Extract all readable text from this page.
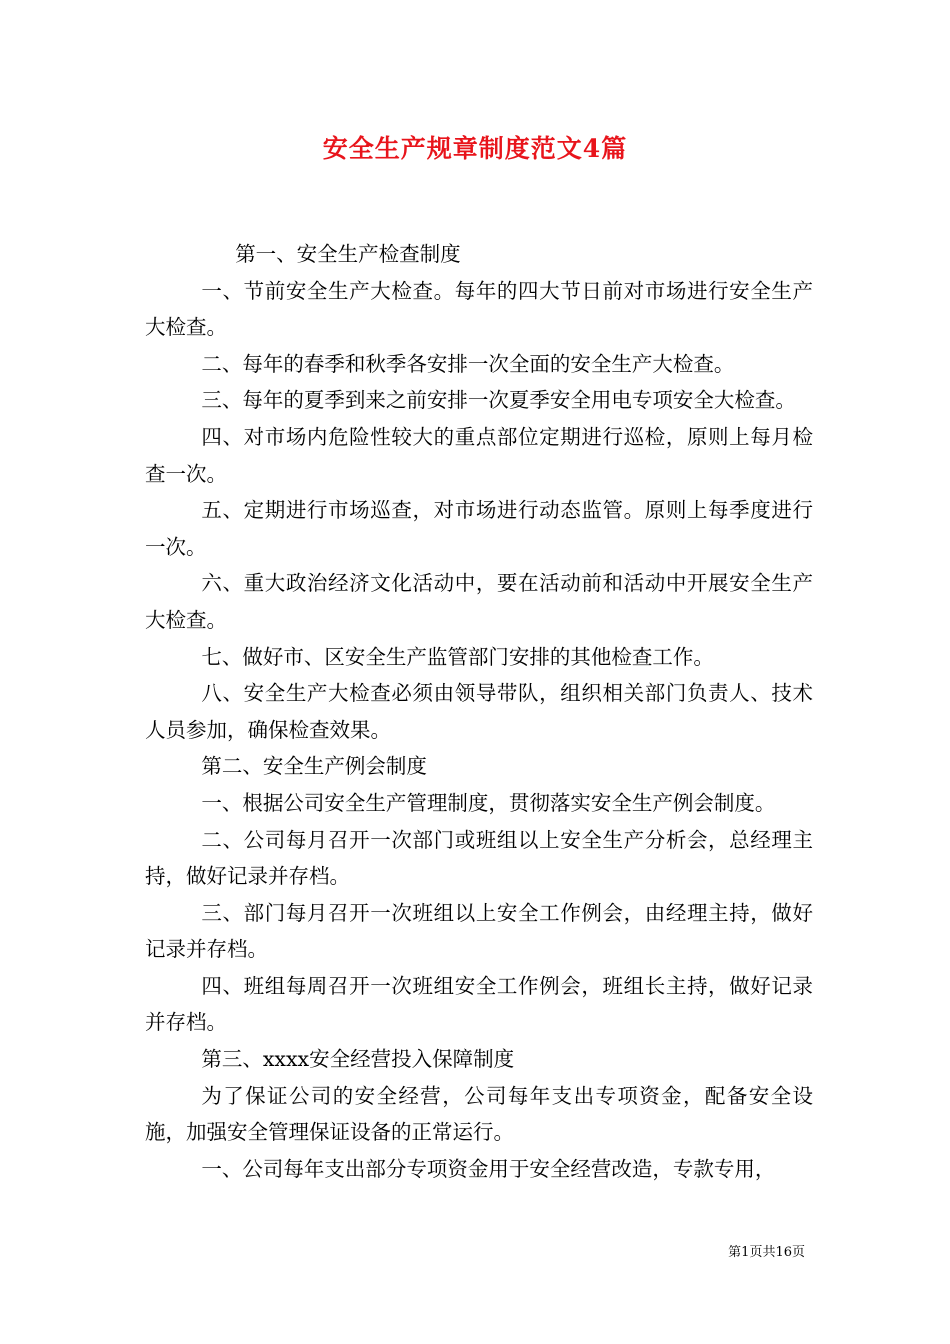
安全生产规章制度范文4篇

第一、安全生产检查制度

一、节前安全生产大检查。每年的四大节日前对市场进行安全生产大检查。

二、每年的春季和秋季各安排一次全面的安全生产大检查。

三、每年的夏季到来之前安排一次夏季安全用电专项安全大检查。

四、对市场内危险性较大的重点部位定期进行巡检，原则上每月检查一次。

五、定期进行市场巡查，对市场进行动态监管。原则上每季度进行一次。

六、重大政治经济文化活动中，要在活动前和活动中开展安全生产大检查。

七、做好市、区安全生产监管部门安排的其他检查工作。

八、安全生产大检查必须由领导带队，组织相关部门负责人、技术人员参加，确保检查效果。

第二、安全生产例会制度

一、根据公司安全生产管理制度，贯彻落实安全生产例会制度。

二、公司每月召开一次部门或班组以上安全生产分析会，总经理主持，做好记录并存档。

三、部门每月召开一次班组以上安全工作例会，由经理主持，做好记录并存档。

四、班组每周召开一次班组安全工作例会，班组长主持，做好记录并存档。

第三、xxxx安全经营投入保障制度

为了保证公司的安全经营，公司每年支出专项资金，配备安全设施，加强安全管理保证设备的正常运行。

一、公司每年支出部分专项资金用于安全经营改造，专款专用，

第1页共16页
